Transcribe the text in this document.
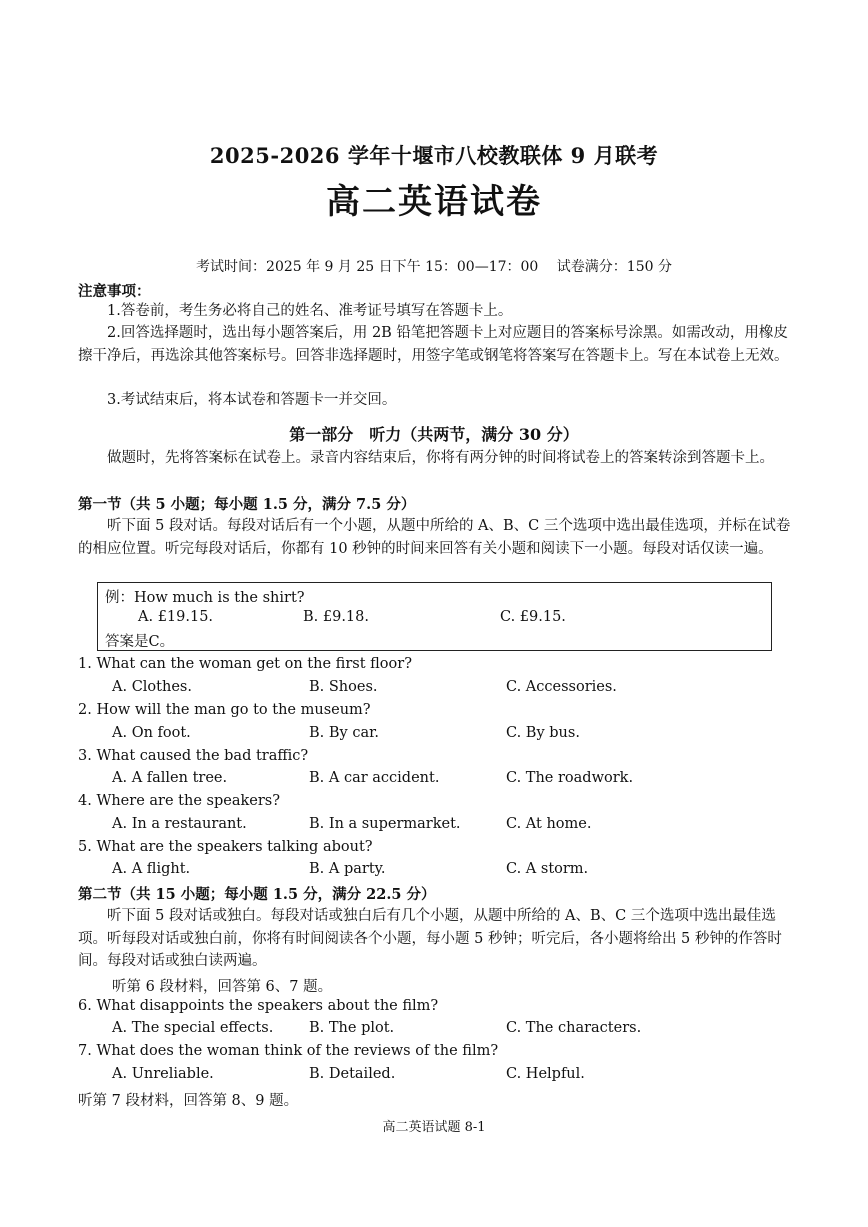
2025-2026 学年十堰市八校教联体 9 月联考
高二英语试卷
考试时间：2025 年 9 月 25 日下午 15：00—17：00　 试卷满分：150 分
注意事项：
1.答卷前，考生务必将自己的姓名、准考证号填写在答题卡上。
2.回答选择题时，选出每小题答案后，用 2B 铅笔把答题卡上对应题目的答案标号涂黑。如需改动，用橡皮擦干净后，再选涂其他答案标号。回答非选择题时，用签字笔或钢笔将答案写在答题卡上。写在本试卷上无效。
3.考试结束后，将本试卷和答题卡一并交回。
第一部分　听力（共两节，满分 30 分）
做题时，先将答案标在试卷上。录音内容结束后，你将有两分钟的时间将试卷上的答案转涂到答题卡上。
第一节（共 5 小题；每小题 1.5 分，满分 7.5 分）
听下面 5 段对话。每段对话后有一个小题，从题中所给的 A、B、C 三个选项中选出最佳选项，并标在试卷的相应位置。听完每段对话后，你都有 10 秒钟的时间来回答有关小题和阅读下一小题。每段对话仅读一遍。
例：How much is the shirt?
A. £19.15.	B. £9.18.	C. £9.15.
答案是C。
1. What can the woman get on the first floor?
A. Clothes.	B. Shoes.	C. Accessories.
2. How will the man go to the museum?
A. On foot.	B. By car.	C. By bus.
3. What caused the bad traffic?
A. A fallen tree.	B. A car accident.	C. The roadwork.
4. Where are the speakers?
A. In a restaurant.	B. In a supermarket.	C. At home.
5. What are the speakers talking about?
A. A flight.	B. A party.	C. A storm.
第二节（共 15 小题；每小题 1.5 分，满分 22.5 分）
听下面 5 段对话或独白。每段对话或独白后有几个小题，从题中所给的 A、B、C 三个选项中选出最佳选项。听每段对话或独白前，你将有时间阅读各个小题，每小题 5 秒钟；听完后，各小题将给出 5 秒钟的作答时间。每段对话或独白读两遍。
听第 6 段材料，回答第 6、7 题。
6. What disappoints the speakers about the film?
A. The special effects. B. The plot.	C. The characters.
7. What does the woman think of the reviews of the film?
A. Unreliable.	B. Detailed.	C. Helpful.
听第 7 段材料，回答第 8、9 题。
高二英语试题 8-1
